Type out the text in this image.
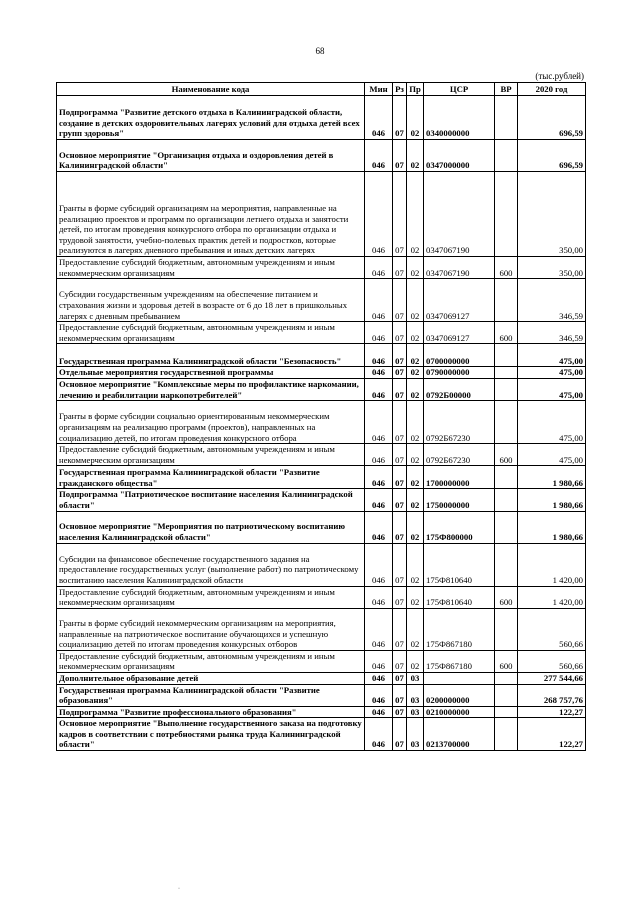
68
(тыс.рублей)
Наименование кода	Мин	Рз	Пр	ЦСР	ВР	2020 год
Подпрограмма "Развитие детского отдыха в Калининградской области, создание в детских оздоровительных лагерях условий для отдыха детей всех групп здоровья"	046	07	02	0340000000		696,59
Основное мероприятие "Организация отдыха и оздоровления детей в Калининградской области"	046	07	02	0347000000		696,59
Гранты в форме субсидий организациям на мероприятия, направленные на реализацию проектов и программ по организации летнего отдыха и занятости детей, по итогам проведения конкурсного отбора по организации отдыха и трудовой занятости, учебно-полевых практик детей и подростков, которые реализуются в лагерях дневного пребывания и иных детских лагерях	046	07	02	0347067190		350,00
Предоставление субсидий бюджетным, автономным учреждениям и иным некоммерческим организациям	046	07	02	0347067190	600	350,00
Субсидии государственным учреждениям на обеспечение питанием и страхования жизни и здоровья детей в возрасте от 6 до 18 лет в пришкольных лагерях с дневным пребыванием	046	07	02	0347069127		346,59
Предоставление субсидий бюджетным, автономным учреждениям и иным некоммерческим организациям	046	07	02	0347069127	600	346,59
Государственная программа Калининградской области "Безопасность"	046	07	02	0700000000		475,00
Отдельные мероприятия государственной программы	046	07	02	0790000000		475,00
Основное мероприятие "Комплексные меры по профилактике наркомании, лечению и реабилитации наркопотребителей"	046	07	02	0792Б00000		475,00
Гранты в форме субсидии социально ориентированным некоммерческим организациям на реализацию программ (проектов), направленных на социализацию детей, по итогам проведения конкурсного отбора	046	07	02	0792Б67230		475,00
Предоставление субсидий бюджетным, автономным учреждениям и иным некоммерческим организациям	046	07	02	0792Б67230	600	475,00
Государственная программа Калининградской области "Развитие гражданского общества"	046	07	02	1700000000		1 980,66
Подпрограмма "Патриотическое воспитание населения Калининградской области"	046	07	02	1750000000		1 980,66
Основное мероприятие "Мероприятия по патриотическому воспитанию населения Калининградской области"	046	07	02	175Ф800000		1 980,66
Субсидии на финансовое обеспечение государственного задания на предоставление государственных услуг (выполнение работ) по патриотическому воспитанию населения Калининградской области	046	07	02	175Ф810640		1 420,00
Предоставление субсидий бюджетным, автономным учреждениям и иным некоммерческим организациям	046	07	02	175Ф810640	600	1 420,00
Гранты в форме субсидий некоммерческим организациям на мероприятия, направленные на патриотическое воспитание обучающихся и успешную социализацию детей по итогам проведения конкурсных отборов	046	07	02	175Ф867180		560,66
Предоставление субсидий бюджетным, автономным учреждениям и иным некоммерческим организациям	046	07	02	175Ф867180	600	560,66
Дополнительное образование детей	046	07	03			277 544,66
Государственная программа Калининградской области "Развитие образования"	046	07	03	0200000000		268 757,76
Подпрограмма "Развитие профессионального образования"	046	07	03	0210000000		122,27
Основное мероприятие "Выполнение государственного заказа на подготовку кадров в соответствии с потребностями рынка труда Калининградской области"	046	07	03	0213700000		122,27
·
